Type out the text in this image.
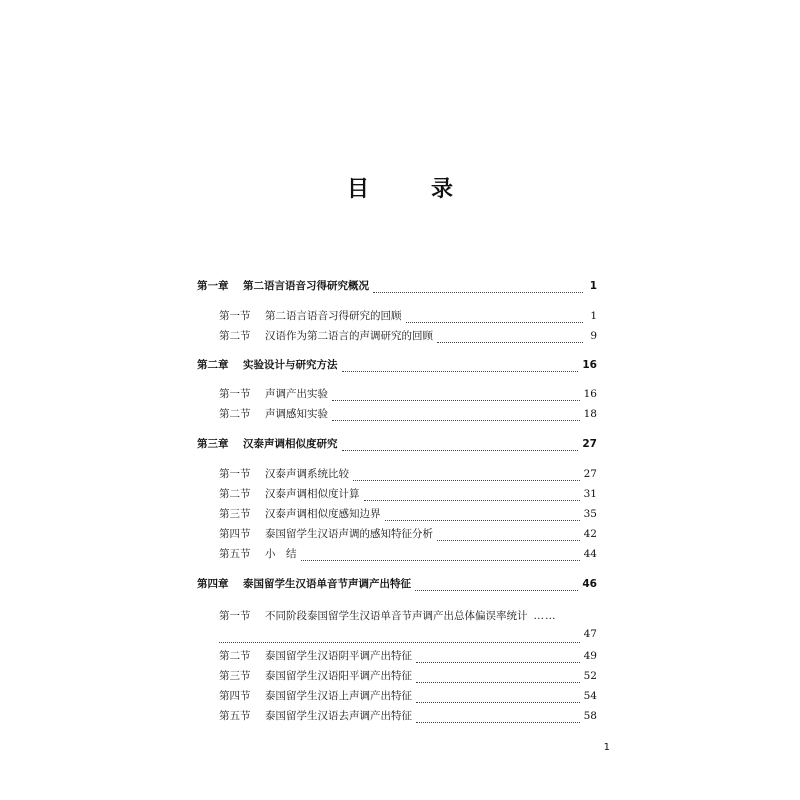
目　录
第一章	第二语言语音习得研究概况	1
第一节	第二语言语音习得研究的回顾	1
第二节	汉语作为第二语言的声调研究的回顾	9
第二章	实验设计与研究方法	16
第一节	声调产出实验	16
第二节	声调感知实验	18
第三章	汉泰声调相似度研究	27
第一节	汉泰声调系统比较	27
第二节	汉泰声调相似度计算	31
第三节	汉泰声调相似度感知边界	35
第四节	泰国留学生汉语声调的感知特征分析	42
第五节	小　结	44
第四章	泰国留学生汉语单音节声调产出特征	46
第一节	不同阶段泰国留学生汉语单音节声调产出总体偏误率统计 ……
47
第二节	泰国留学生汉语阴平调产出特征	49
第三节	泰国留学生汉语阳平调产出特征	52
第四节	泰国留学生汉语上声调产出特征	54
第五节	泰国留学生汉语去声调产出特征	58
1
